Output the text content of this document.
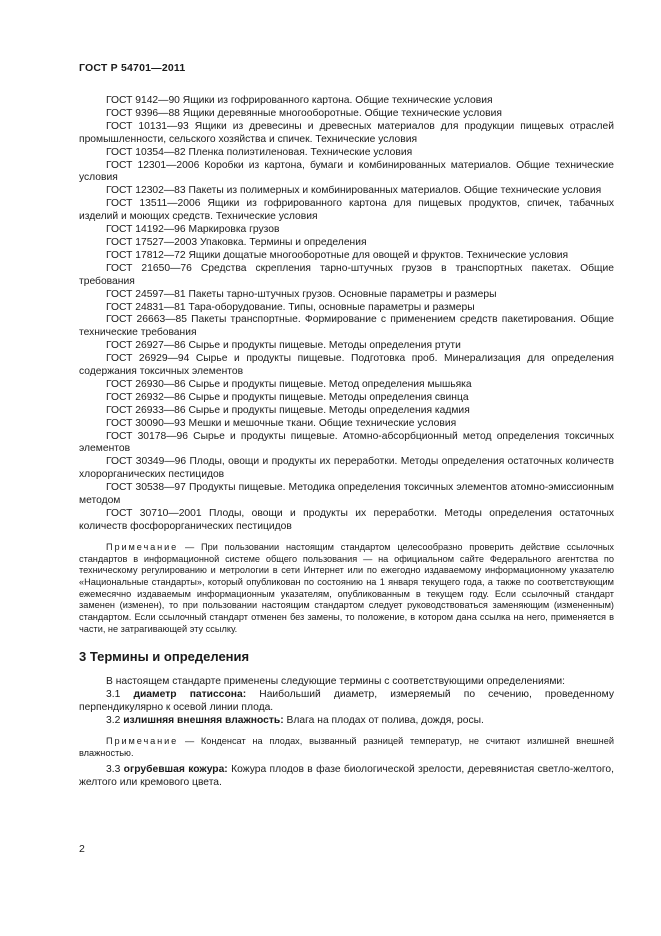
ГОСТ Р 54701—2011

ГОСТ 9142—90 Ящики из гофрированного картона. Общие технические условия

ГОСТ 9396—88 Ящики деревянные многооборотные. Общие технические условия

ГОСТ 10131—93 Ящики из древесины и древесных материалов для продукции пищевых отраслей промышленности, сельского хозяйства и спичек. Технические условия

ГОСТ 10354—82 Пленка полиэтиленовая. Технические условия

ГОСТ 12301—2006 Коробки из картона, бумаги и комбинированных материалов. Общие технические условия

ГОСТ 12302—83 Пакеты из полимерных и комбинированных материалов. Общие технические условия

ГОСТ 13511—2006 Ящики из гофрированного картона для пищевых продуктов, спичек, табачных изделий и моющих средств. Технические условия

ГОСТ 14192—96 Маркировка грузов

ГОСТ 17527—2003 Упаковка. Термины и определения

ГОСТ 17812—72 Ящики дощатые многооборотные для овощей и фруктов. Технические условия

ГОСТ 21650—76 Средства скрепления тарно-штучных грузов в транспортных пакетах. Общие требования

ГОСТ 24597—81 Пакеты тарно-штучных грузов. Основные параметры и размеры

ГОСТ 24831—81 Тара-оборудование. Типы, основные параметры и размеры

ГОСТ 26663—85 Пакеты транспортные. Формирование с применением средств пакетирования. Общие технические требования

ГОСТ 26927—86 Сырье и продукты пищевые. Методы определения ртути

ГОСТ 26929—94 Сырье и продукты пищевые. Подготовка проб. Минерализация для определения содержания токсичных элементов

ГОСТ 26930—86 Сырье и продукты пищевые. Метод определения мышьяка

ГОСТ 26932—86 Сырье и продукты пищевые. Методы определения свинца

ГОСТ 26933—86 Сырье и продукты пищевые. Методы определения кадмия

ГОСТ 30090—93 Мешки и мешочные ткани. Общие технические условия

ГОСТ 30178—96 Сырье и продукты пищевые. Атомно-абсорбционный метод определения токсичных элементов

ГОСТ 30349—96 Плоды, овощи и продукты их переработки. Методы определения остаточных количеств хлорорганических пестицидов

ГОСТ 30538—97 Продукты пищевые. Методика определения токсичных элементов атомно-эмиссионным методом

ГОСТ 30710—2001 Плоды, овощи и продукты их переработки. Методы определения остаточных количеств фосфорорганических пестицидов

Примечание — При пользовании настоящим стандартом целесообразно проверить действие ссылочных стандартов в информационной системе общего пользования — на официальном сайте Федерального агентства по техническому регулированию и метрологии в сети Интернет или по ежегодно издаваемому информационному указателю «Национальные стандарты», который опубликован по состоянию на 1 января текущего года, а также по соответствующим ежемесячно издаваемым информационным указателям, опубликованным в текущем году. Если ссылочный стандарт заменен (изменен), то при пользовании настоящим стандартом следует руководствоваться заменяющим (измененным) стандартом. Если ссылочный стандарт отменен без замены, то положение, в котором дана ссылка на него, применяется в части, не затрагивающей эту ссылку.

3 Термины и определения

В настоящем стандарте применены следующие термины с соответствующими определениями:

3.1 диаметр патиссона: Наибольший диаметр, измеряемый по сечению, проведенному перпендикулярно к осевой линии плода.

3.2 излишняя внешняя влажность: Влага на плодах от полива, дождя, росы.

Примечание — Конденсат на плодах, вызванный разницей температур, не считают излишней внешней влажностью.

3.3 огрубевшая кожура: Кожура плодов в фазе биологической зрелости, деревянистая светло-желтого, желтого или кремового цвета.

2
